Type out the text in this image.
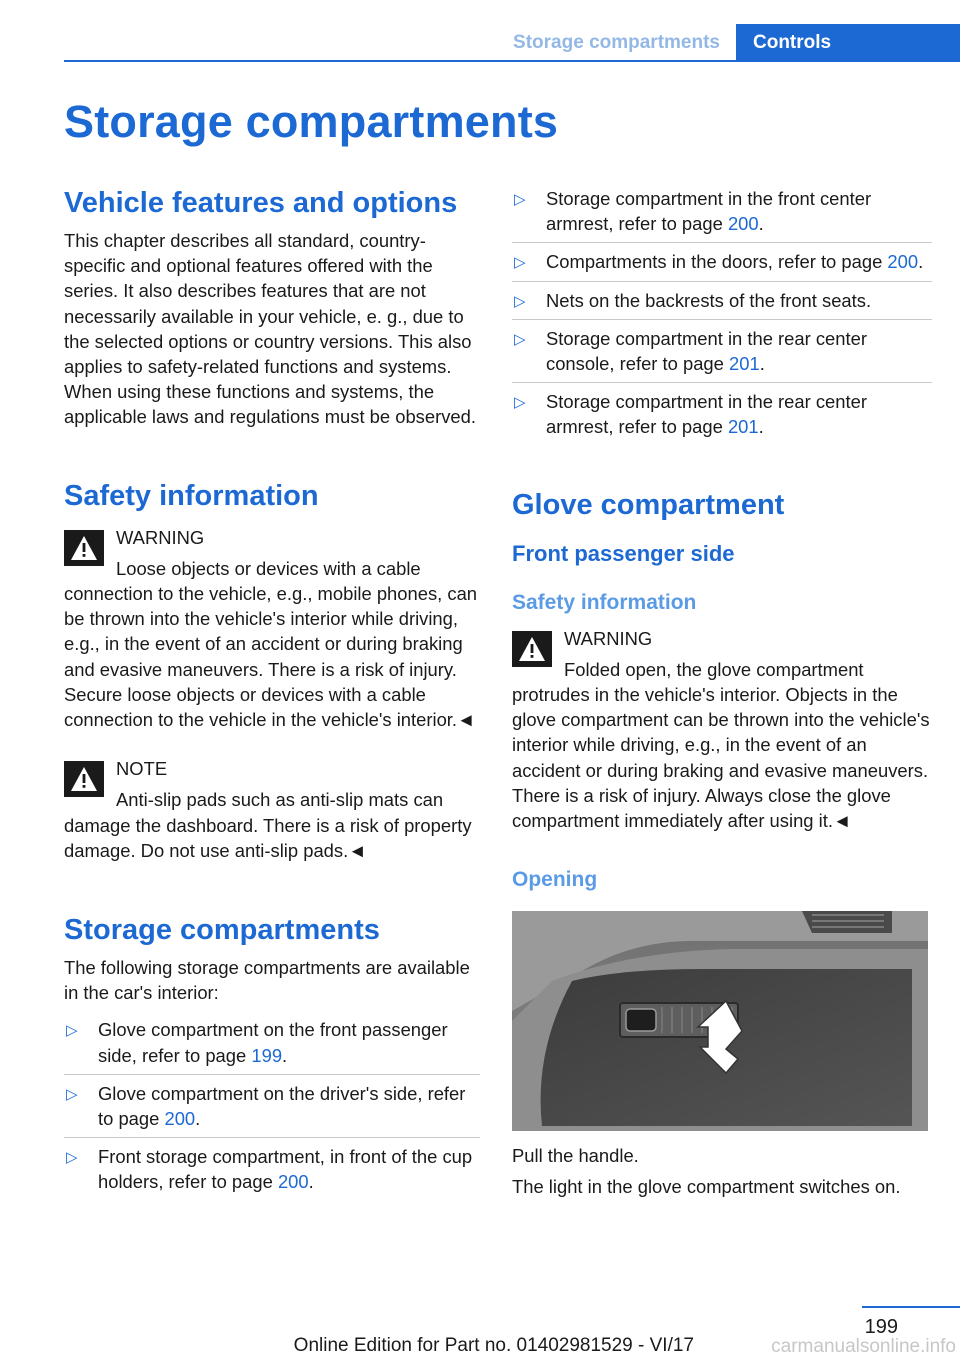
Storage compartments	Controls
Storage compartments
Vehicle features and options

This chapter describes all standard, country-specific and optional features offered with the series. It also describes features that are not necessarily available in your vehicle, e. g., due to the selected options or country versions. This also applies to safety-related functions and systems. When using these functions and systems, the applicable laws and regulations must be observed.

Safety information
WARNING

Loose objects or devices with a cable connection to the vehicle, e.g., mobile phones, can be thrown into the vehicle's interior while driving, e.g., in the event of an accident or during braking and evasive maneuvers. There is a risk of injury. Secure loose objects or devices with a cable connection to the vehicle in the vehicle's interior.◄

NOTE

Anti-slip pads such as anti-slip mats can damage the dashboard. There is a risk of property damage. Do not use anti-slip pads.◄

Storage compartments

The following storage compartments are available in the car's interior:

▷ Glove compartment on the front passenger side, refer to page 199.
▷ Glove compartment on the driver's side, refer to page 200.
▷ Front storage compartment, in front of the cup holders, refer to page 200.
▷ Storage compartment in the front center armrest, refer to page 200.
▷ Compartments in the doors, refer to page 200.
▷ Nets on the backrests of the front seats.
▷ Storage compartment in the rear center console, refer to page 201.
▷ Storage compartment in the rear center armrest, refer to page 201.
Glove compartment
Front passenger side
Safety information
WARNING

Folded open, the glove compartment protrudes in the vehicle's interior. Objects in the glove compartment can be thrown into the vehicle's interior while driving, e.g., in the event of an accident or during braking and evasive maneuvers. There is a risk of injury. Always close the glove compartment immediately after using it.◄

Opening

Pull the handle.

The light in the glove compartment switches on.

199
Online Edition for Part no. 01402981529 - VI/17	carmanualsonline.info
